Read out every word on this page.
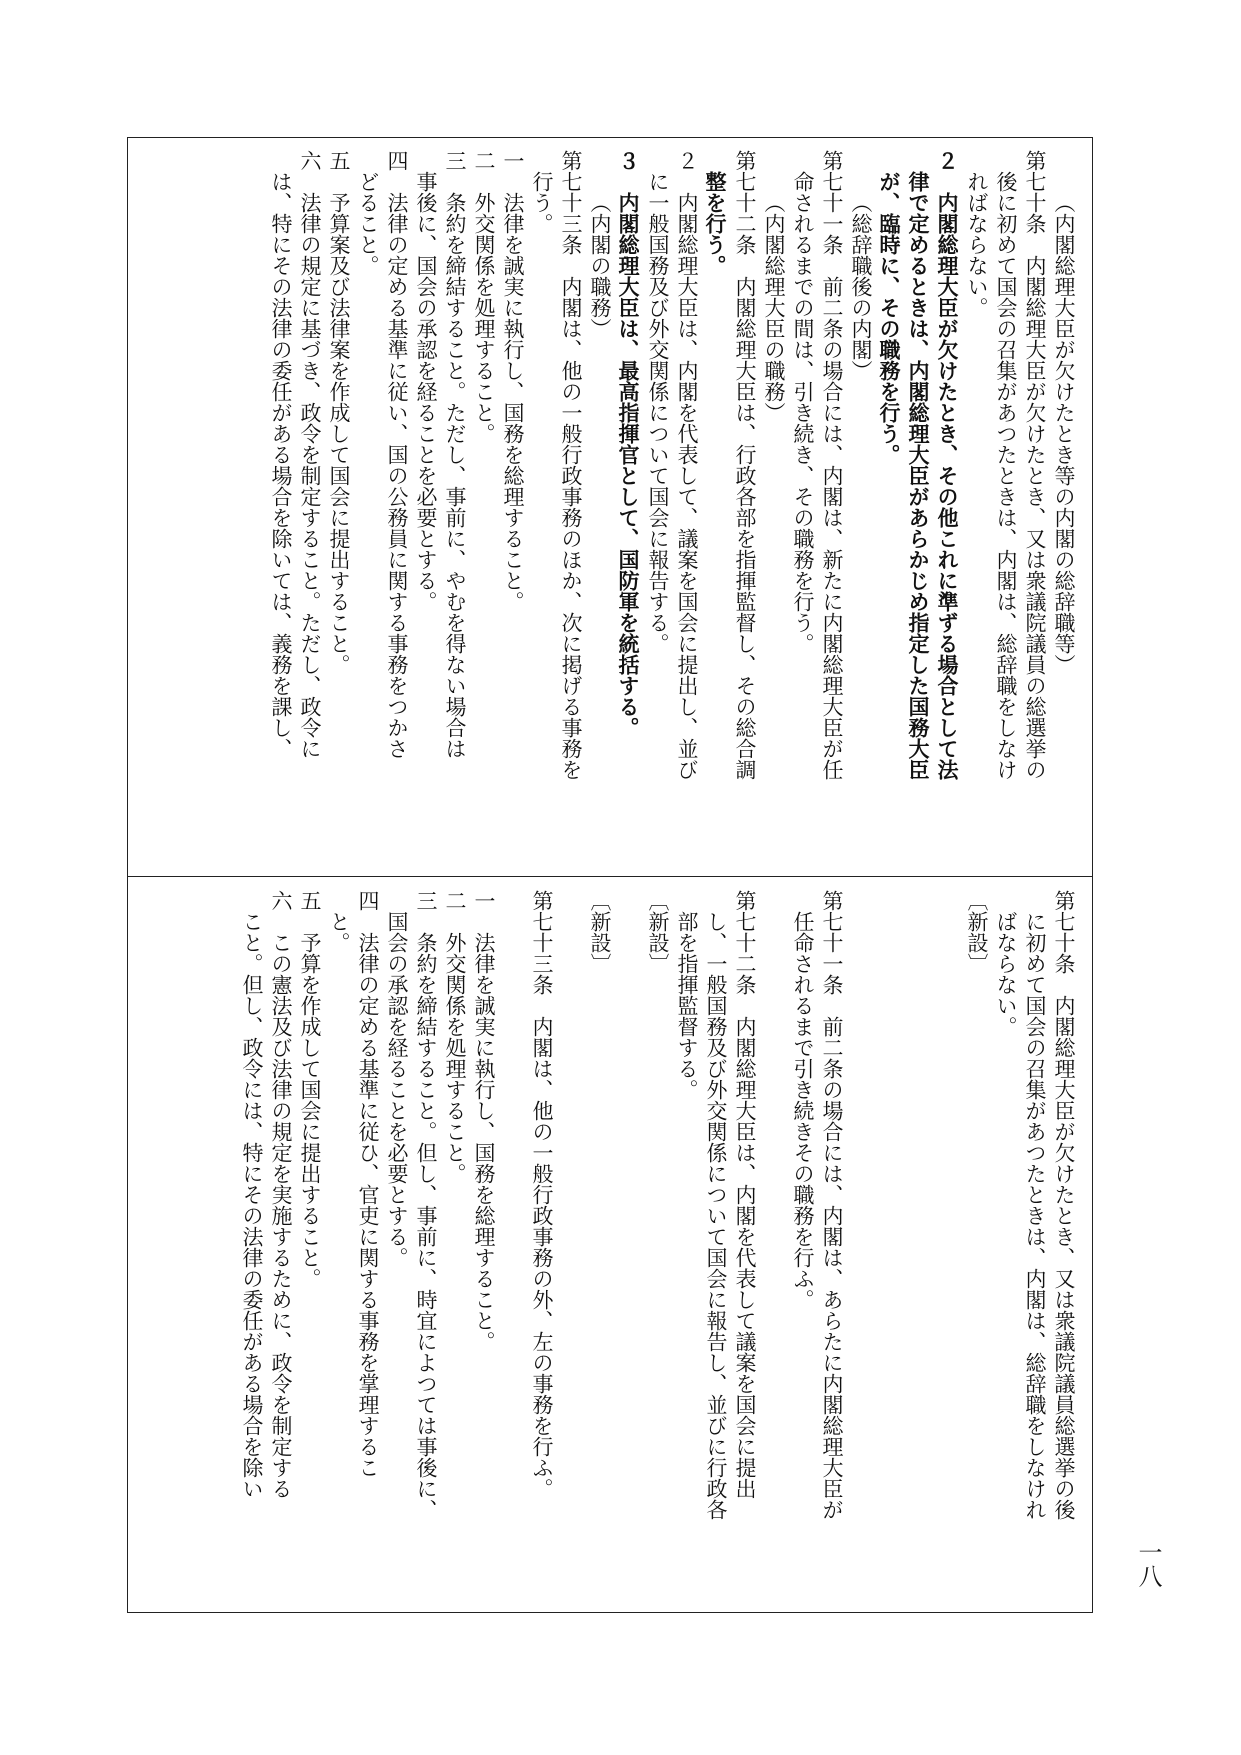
（内閣総理大臣が欠けたとき等の内閣の総辞職等）
第七十条　内閣総理大臣が欠けたとき、又は衆議院議員の総選挙の
後に初めて国会の召集があつたときは、内閣は、総辞職をしなけ
ればならない。
２　内閣総理大臣が欠けたとき、その他これに準ずる場合として法
律で定めるときは、内閣総理大臣があらかじめ指定した国務大臣
が、臨時に、その職務を行う。
（総辞職後の内閣）
第七十一条　前二条の場合には、内閣は、新たに内閣総理大臣が任
命されるまでの間は、引き続き、その職務を行う。
（内閣総理大臣の職務）
第七十二条　内閣総理大臣は、行政各部を指揮監督し、その総合調
整を行う。
２　内閣総理大臣は、内閣を代表して、議案を国会に提出し、並び
に一般国務及び外交関係について国会に報告する。
３　内閣総理大臣は、最高指揮官として、国防軍を統括する。
（内閣の職務）
第七十三条　内閣は、他の一般行政事務のほか、次に掲げる事務を
行う。
一　法律を誠実に執行し、国務を総理すること。
二　外交関係を処理すること。
三　条約を締結すること。ただし、事前に、やむを得ない場合は
事後に、国会の承認を経ることを必要とする。
四　法律の定める基準に従い、国の公務員に関する事務をつかさ
どること。
五　予算案及び法律案を作成して国会に提出すること。
六　法律の規定に基づき、政令を制定すること。ただし、政令に
は、特にその法律の委任がある場合を除いては、義務を課し、
第七十条　内閣総理大臣が欠けたとき、又は衆議院議員総選挙の後
に初めて国会の召集があつたときは、内閣は、総辞職をしなけれ
ばならない。
〔新設〕

第七十一条　前二条の場合には、内閣は、あらたに内閣総理大臣が
任命されるまで引き続きその職務を行ふ。

第七十二条　内閣総理大臣は、内閣を代表して議案を国会に提出
し、一般国務及び外交関係について国会に報告し、並びに行政各
部を指揮監督する。
〔新設〕

〔新設〕

第七十三条　内閣は、他の一般行政事務の外、左の事務を行ふ。

一　法律を誠実に執行し、国務を総理すること。
二　外交関係を処理すること。
三　条約を締結すること。但し、事前に、時宜によつては事後に、
国会の承認を経ることを必要とする。
四　法律の定める基準に従ひ、官吏に関する事務を掌理するこ
と。
五　予算を作成して国会に提出すること。
六　この憲法及び法律の規定を実施するために、政令を制定する
こと。但し、政令には、特にその法律の委任がある場合を除い
一八
